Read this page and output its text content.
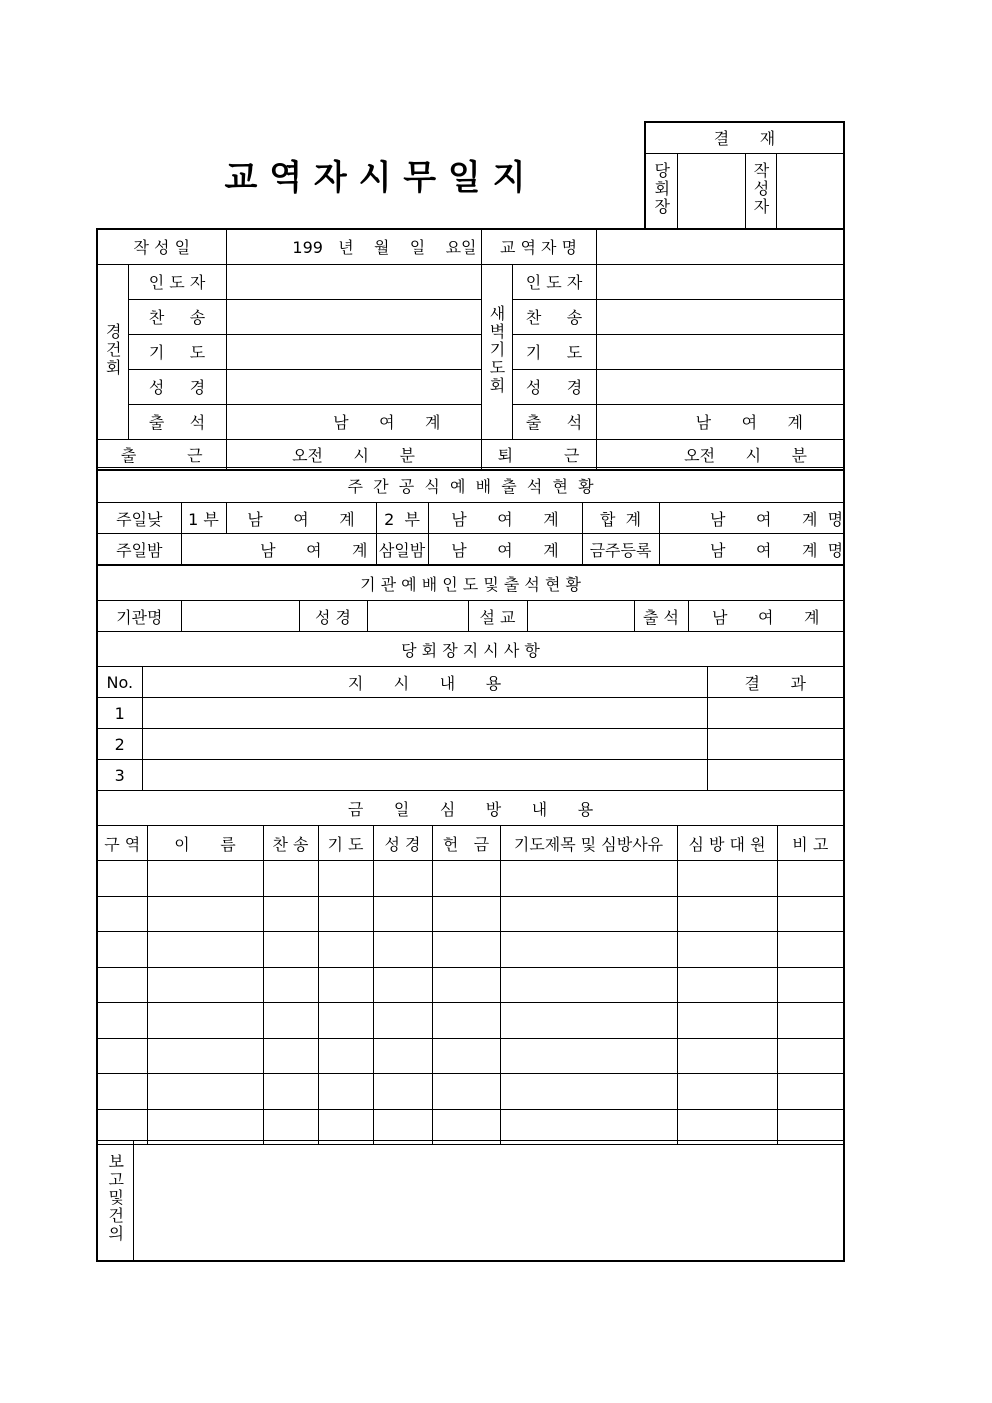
교 역 자 시 무 일 지
결      재
당회장		작성자	
작 성 일		199   년    월    일    요일	교 역 자 명		
경건회	인 도 자		새벽기도회	인 도 자	
	찬     송			찬     송	
	기     도			기     도	
	성     경			성     경	
	출     석	남      여      계		출     석	남      여      계
출          근		오전      시      분	퇴          근		오전      시      분
주  간  공  식  예  배  출  석  현  황						
주일낮	1 부	남      여      계	2  부	남      여      계	합  계	남      여      계  명
주일밤	남      여      계		삼일밤	남      여      계	금주등록	남      여      계  명
기 관 예 배 인 도 및 출 석 현 황
기관명		성 경		설 교		출 석	남      여      계
당 회 장 지 시 사 항		
No.	지      시      내      용	결      과
1		
2		
3		
금      일      심      방      내      용								
구 역	이      름	찬 송	기 도	성 경	헌   금	기도제목 및 심방사유	심 방 대 원	비 고

보고및건의	
